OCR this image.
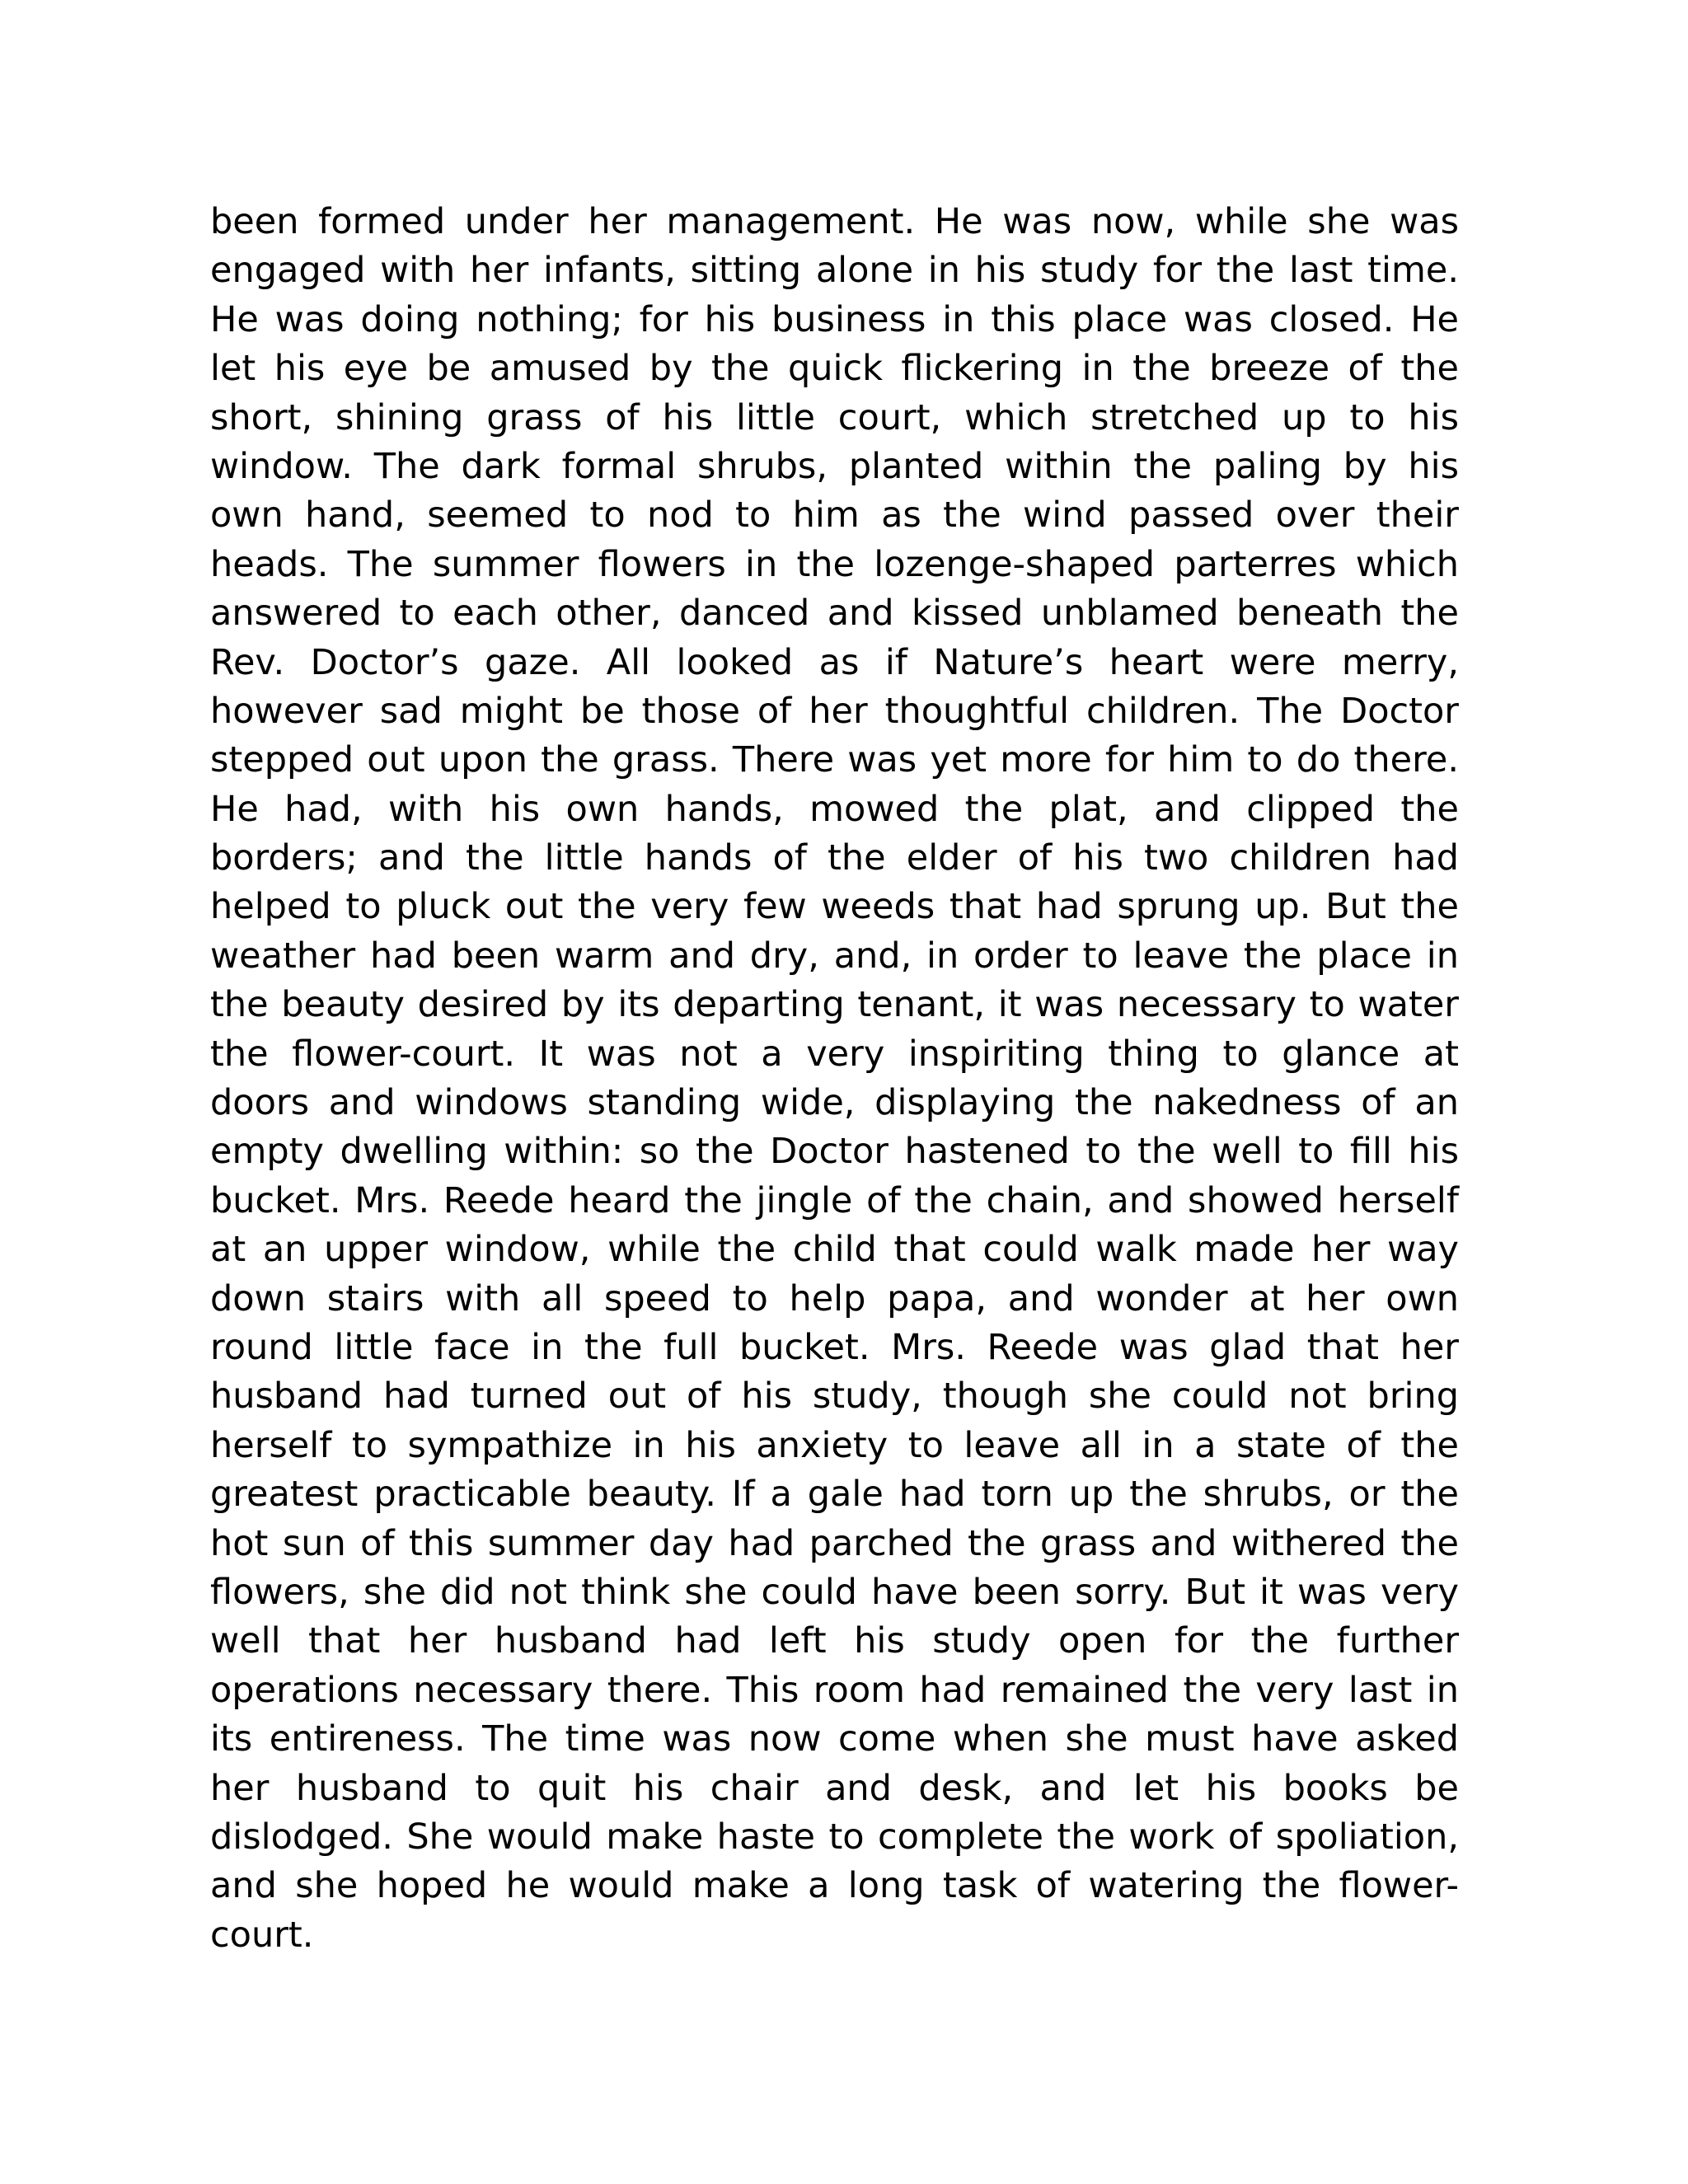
been formed under her management. He was now, while she was
engaged with her infants, sitting alone in his study for the last time.
He was doing nothing; for his business in this place was closed. He
let his eye be amused by the quick flickering in the breeze of the
short, shining grass of his little court, which stretched up to his
window. The dark formal shrubs, planted within the paling by his
own hand, seemed to nod to him as the wind passed over their
heads. The summer flowers in the lozenge-shaped parterres which
answered to each other, danced and kissed unblamed beneath the
Rev. Doctor’s gaze. All looked as if Nature’s heart were merry,
however sad might be those of her thoughtful children. The Doctor
stepped out upon the grass. There was yet more for him to do there.
He had, with his own hands, mowed the plat, and clipped the
borders; and the little hands of the elder of his two children had
helped to pluck out the very few weeds that had sprung up. But the
weather had been warm and dry, and, in order to leave the place in
the beauty desired by its departing tenant, it was necessary to water
the flower-court. It was not a very inspiriting thing to glance at
doors and windows standing wide, displaying the nakedness of an
empty dwelling within: so the Doctor hastened to the well to fill his
bucket. Mrs. Reede heard the jingle of the chain, and showed herself
at an upper window, while the child that could walk made her way
down stairs with all speed to help papa, and wonder at her own
round little face in the full bucket. Mrs. Reede was glad that her
husband had turned out of his study, though she could not bring
herself to sympathize in his anxiety to leave all in a state of the
greatest practicable beauty. If a gale had torn up the shrubs, or the
hot sun of this summer day had parched the grass and withered the
flowers, she did not think she could have been sorry. But it was very
well that her husband had left his study open for the further
operations necessary there. This room had remained the very last in
its entireness. The time was now come when she must have asked
her husband to quit his chair and desk, and let his books be
dislodged. She would make haste to complete the work of spoliation,
and she hoped he would make a long task of watering the flower-
court.
